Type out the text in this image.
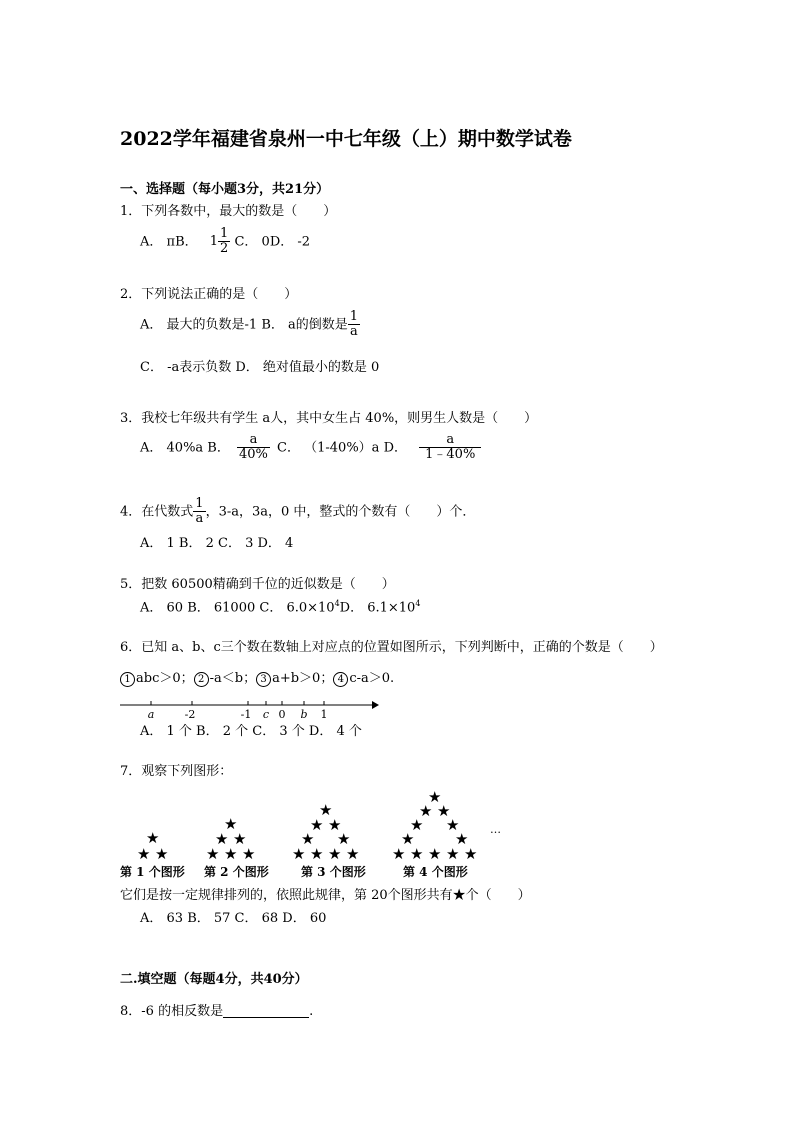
2022学年福建省泉州一中七年级（上）期中数学试卷
一、选择题（每小题3分，共21分）
1．下列各数中，最大的数是（　　）
A． πB． $1 \frac{1}{2}$ C． 0D． -2
2．下列说法正确的是（　　）
A． 最大的负数是-1 B． a的倒数是 $\frac{1}{a}$
C． -a表示负数 D． 绝对值最小的数是 0
3．我校七年级共有学生 a人，其中女生占 40%，则男生人数是（　　）
A． 40%a B． $\frac{a}{40\%}$ C． （1-40%）a D． $\frac{a}{1﹣40\%}$
4．在代数式 $\frac{1}{a}$ ，3-a，3a，0 中，整式的个数有（　　）个．
A． 1 B． 2 C． 3 D． 4
5．把数 60500精确到千位的近似数是（　　）
A． 60 B． 61000 C． $6.0\times 10^4D$． $6.1\times 10^4$
6．已知 a、b、c三个数在数轴上对应点的位置如图所示，下列判断中，正确的个数是（　　）
1 abc＞0； 2 -a＜b； 3 a+b＞0； 4 c-a＞0.
a	-2	-1 c 0 b 1
A． 1 个 B． 2 个 C． 3 个 D． 4 个
7．观察下列图形：
★
★ ★
★
★ ★
★ ★ ★
★
★ ★
★ ★
★ ★ ★ ★
★
★ ★
★ ★
★	★
★ ★ ★ ★ ★
…
第 1 个图形 第 2 个图形	第 3 个图形	第 4 个图形
它们是按一定规律排列的，依照此规律，第 20个图形共有★个（　　）
A． 63 B． 57 C． 68 D． 60
二.填空题（每题4分，共40分）
8．-6 的相反数是	.
